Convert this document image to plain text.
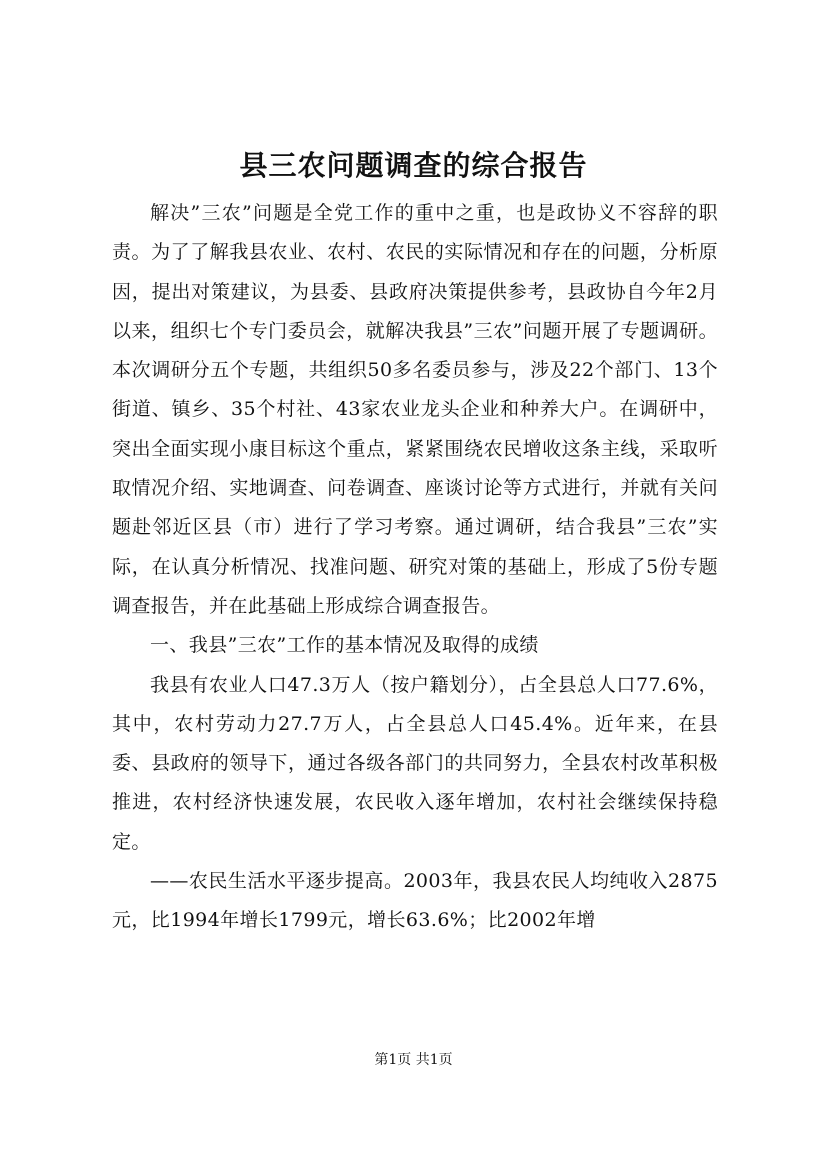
县三农问题调查的综合报告

解决”三农”问题是全党工作的重中之重，也是政协义不容辞的职责。为了了解我县农业、农村、农民的实际情况和存在的问题，分析原因，提出对策建议，为县委、县政府决策提供参考，县政协自今年2月以来，组织七个专门委员会，就解决我县”三农”问题开展了专题调研。本次调研分五个专题，共组织50多名委员参与，涉及22个部门、13个街道、镇乡、35个村社、43家农业龙头企业和种养大户。在调研中，突出全面实现小康目标这个重点，紧紧围绕农民增收这条主线，采取听取情况介绍、实地调查、问卷调查、座谈讨论等方式进行，并就有关问题赴邻近区县（市）进行了学习考察。通过调研，结合我县”三农”实际，在认真分析情况、找准问题、研究对策的基础上，形成了5份专题调查报告，并在此基础上形成综合调查报告。

一、我县”三农”工作的基本情况及取得的成绩

我县有农业人口47.3万人（按户籍划分），占全县总人口77.6%，其中，农村劳动力27.7万人，占全县总人口45.4%。近年来，在县委、县政府的领导下，通过各级各部门的共同努力，全县农村改革积极推进，农村经济快速发展，农民收入逐年增加，农村社会继续保持稳定。

——农民生活水平逐步提高。2003年，我县农民人均纯收入2875元，比1994年增长1799元，增长63.6%；比2002年增

第1页 共1页
